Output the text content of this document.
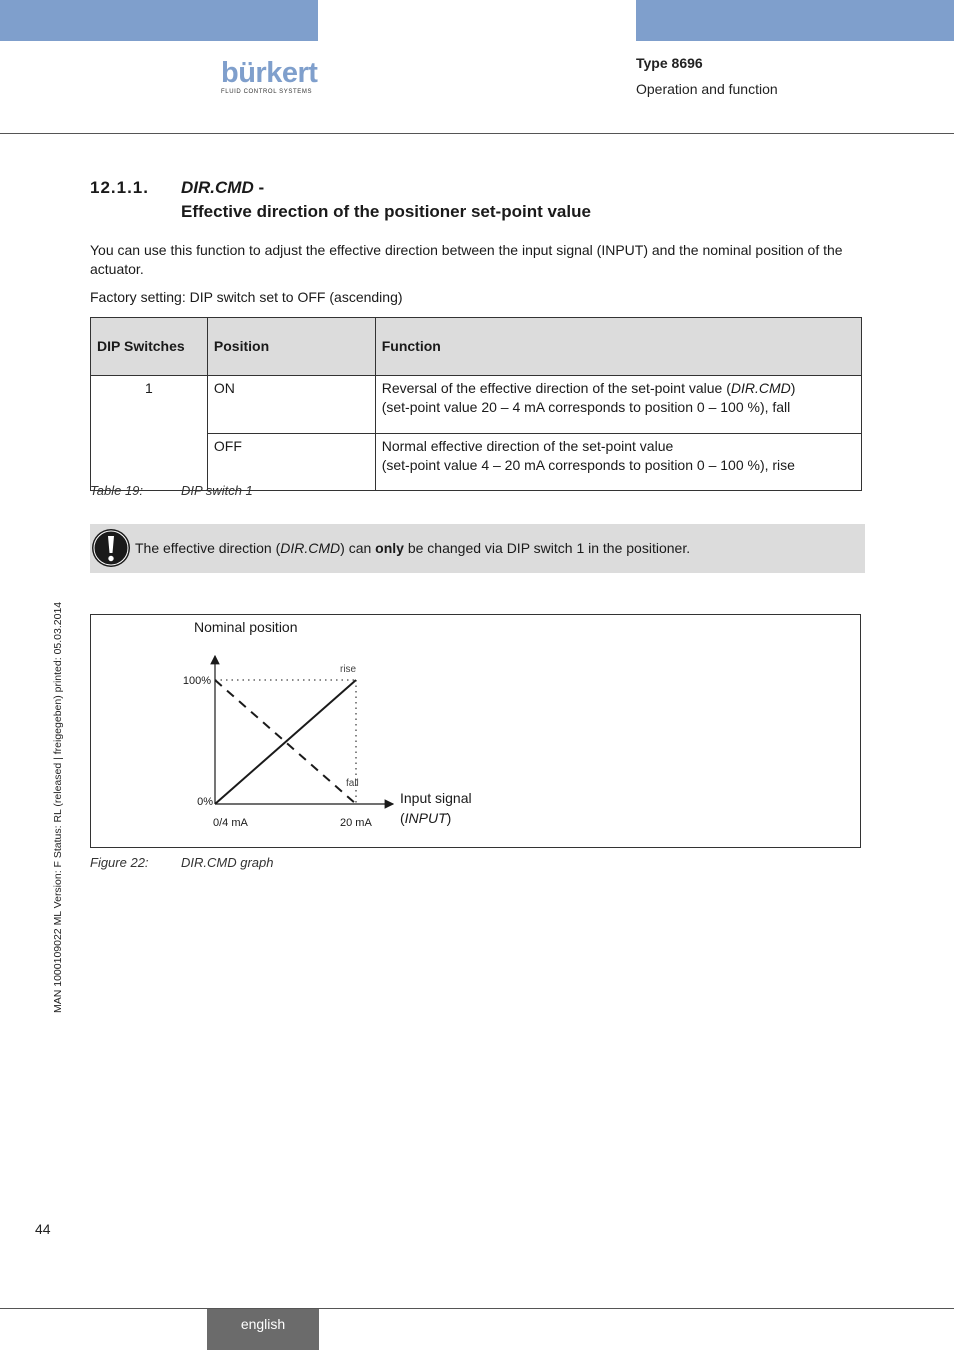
bürkert
FLUID CONTROL SYSTEMS
Type 8696
Operation and function
12.1.1. DIR.CMD -
Effective direction of the positioner set-point value
You can use this function to adjust the effective direction between the input signal (INPUT) and the nominal position of the actuator.
Factory setting: DIP switch set to OFF (ascending)
DIP Switches	Position	Function
1	ON	Reversal of the effective direction of the set-point value (DIR.CMD)
(set-point value 20 – 4 mA corresponds to position 0 – 100 %), fall
	OFF	Normal effective direction of the set-point value
(set-point value 4 – 20 mA corresponds to position 0 – 100 %), rise
Table 19:	DIP switch 1
The effective direction (DIR.CMD) can only be changed via DIP switch 1 in the positioner.
Nominal position
rise
fall
100%
0%
0/4 mA	20 mA
Input signal
(INPUT)
Figure 22: DIR.CMD graph
MAN 1000109022 ML Version: F Status: RL (released | freigegeben) printed: 05.03.2014
44
english
